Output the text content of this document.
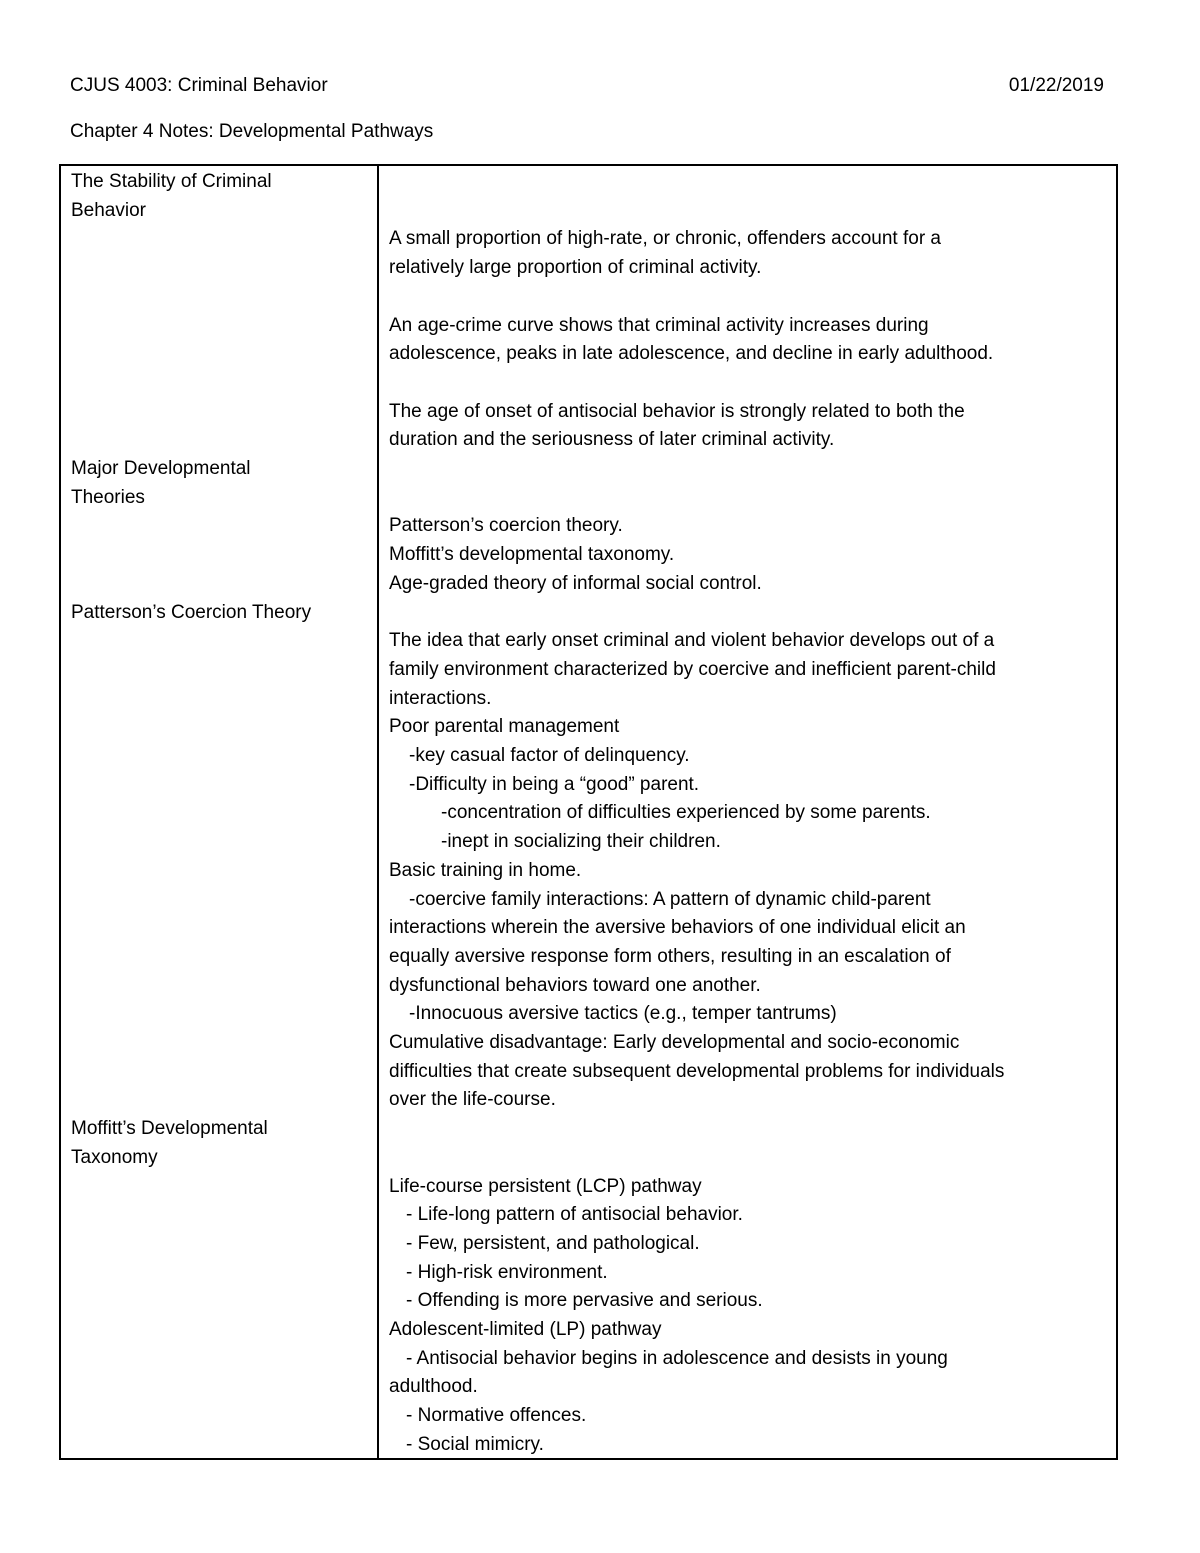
CJUS 4003: Criminal Behavior	01/22/2019
Chapter 4 Notes: Developmental Pathways
The Stability of Criminal
Behavior
Major Developmental
Theories
Patterson’s Coercion Theory
Moffitt’s Developmental
Taxonomy
A small proportion of high-rate, or chronic, offenders account for a
relatively large proportion of criminal activity.
An age-crime curve shows that criminal activity increases during
adolescence, peaks in late adolescence, and decline in early adulthood.
The age of onset of antisocial behavior is strongly related to both the
duration and the seriousness of later criminal activity.
Patterson’s coercion theory.
Moffitt’s developmental taxonomy.
Age-graded theory of informal social control.
The idea that early onset criminal and violent behavior develops out of a
family environment characterized by coercive and inefficient parent-child
interactions.
Poor parental management
-key casual factor of delinquency.
-Difficulty in being a “good” parent.
-concentration of difficulties experienced by some parents.
-inept in socializing their children.
Basic training in home.
-coercive family interactions: A pattern of dynamic child-parent
interactions wherein the aversive behaviors of one individual elicit an
equally aversive response form others, resulting in an escalation of
dysfunctional behaviors toward one another.
-Innocuous aversive tactics (e.g., temper tantrums)
Cumulative disadvantage: Early developmental and socio-economic
difficulties that create subsequent developmental problems for individuals
over the life-course.
Life-course persistent (LCP) pathway
- Life-long pattern of antisocial behavior.
- Few, persistent, and pathological.
- High-risk environment.
- Offending is more pervasive and serious.
Adolescent-limited (LP) pathway
- Antisocial behavior begins in adolescence and desists in young
adulthood.
- Normative offences.
- Social mimicry.
